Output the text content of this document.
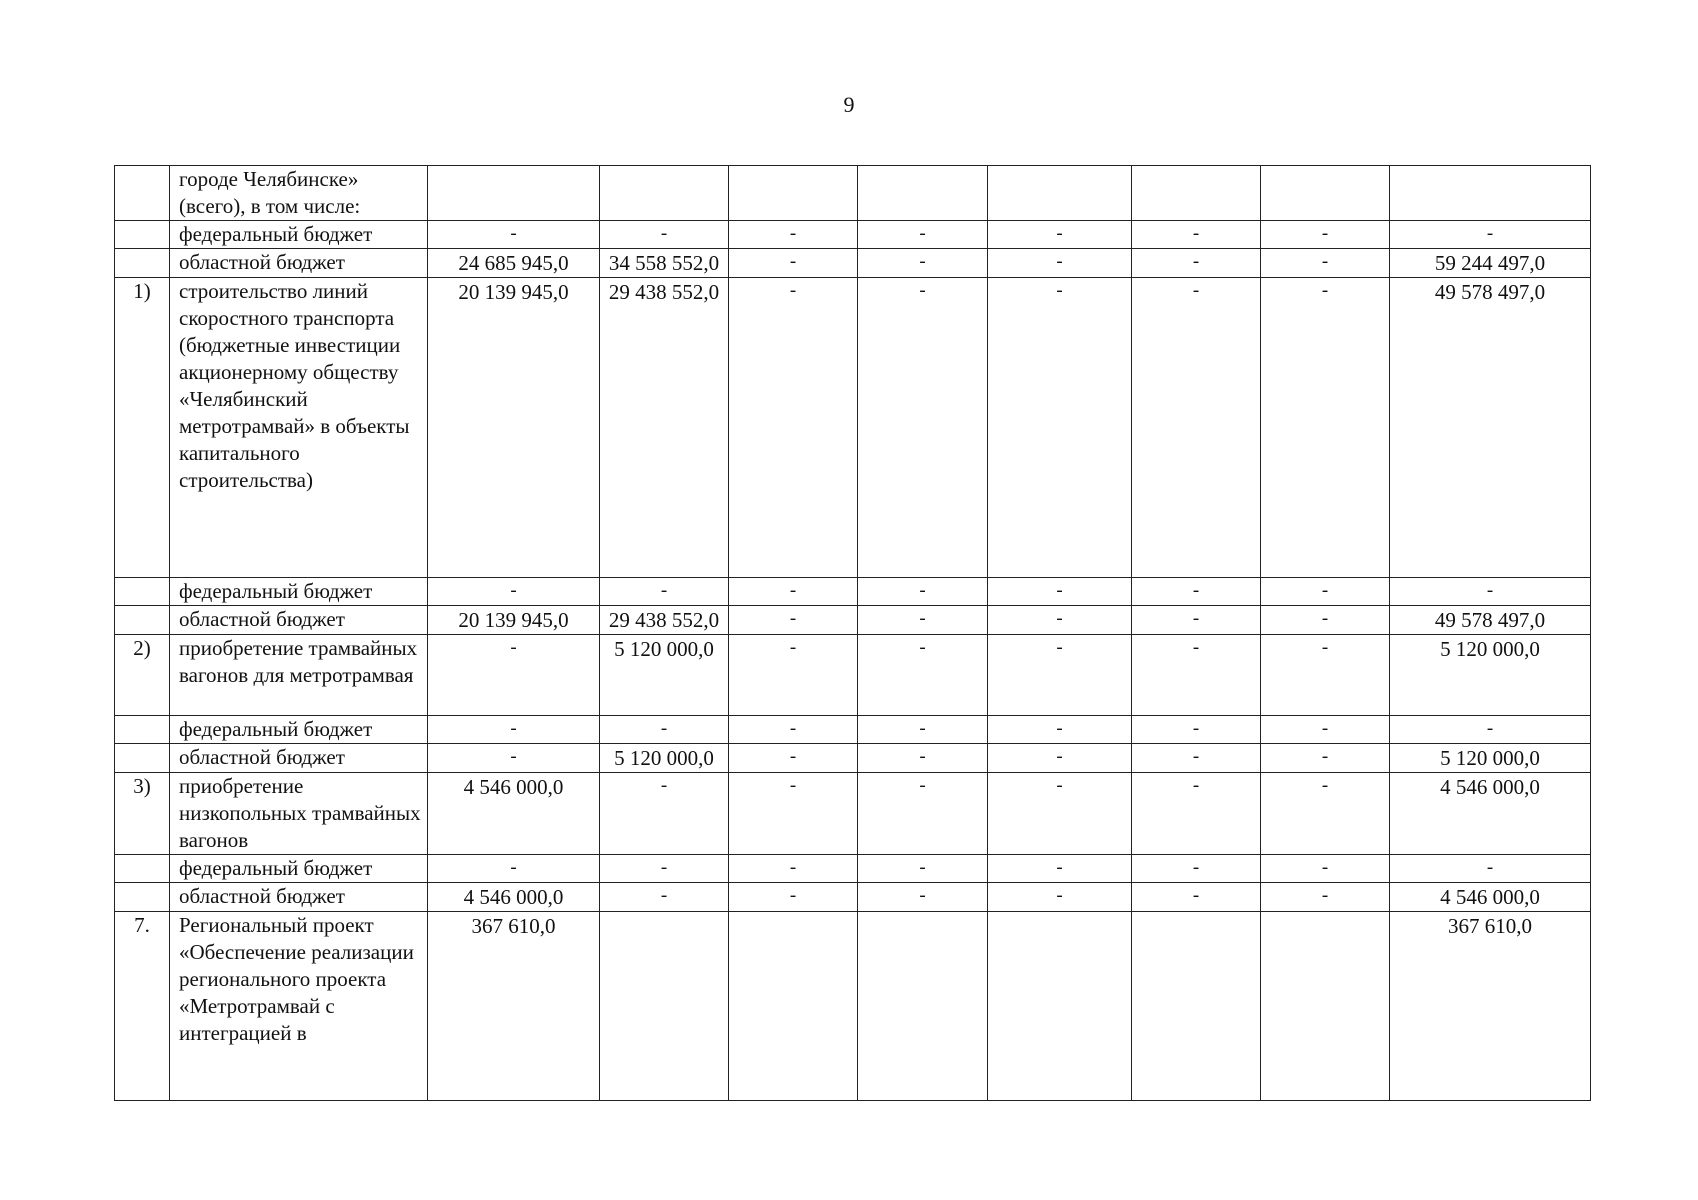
9
	городе Челябинске» (всего), в том числе:								
	федеральный бюджет	-	-	-	-	-	-	-	-
	областной бюджет	24 685 945,0	34 558 552,0	-	-	-	-	-	59 244 497,0
1)	строительство линий скоростного транспорта (бюджетные инвестиции акционерному обществу «Челябинский метротрамвай» в объекты капитального строительства)	20 139 945,0	29 438 552,0	-	-	-	-	-	49 578 497,0
	федеральный бюджет	-	-	-	-	-	-	-	-
	областной бюджет	20 139 945,0	29 438 552,0	-	-	-	-	-	49 578 497,0
2)	приобретение трамвайных вагонов для метротрамвая	-	5 120 000,0	-	-	-	-	-	5 120 000,0
	федеральный бюджет	-	-	-	-	-	-	-	-
	областной бюджет	-	5 120 000,0	-	-	-	-	-	5 120 000,0
3)	приобретение низкопольных трамвайных вагонов	4 546 000,0	-	-	-	-	-	-	4 546 000,0
	федеральный бюджет	-	-	-	-	-	-	-	-
	областной бюджет	4 546 000,0	-	-	-	-	-	-	4 546 000,0
7.	Региональный проект «Обеспечение реализации регионального проекта «Метротрамвай с интеграцией в	367 610,0							367 610,0
